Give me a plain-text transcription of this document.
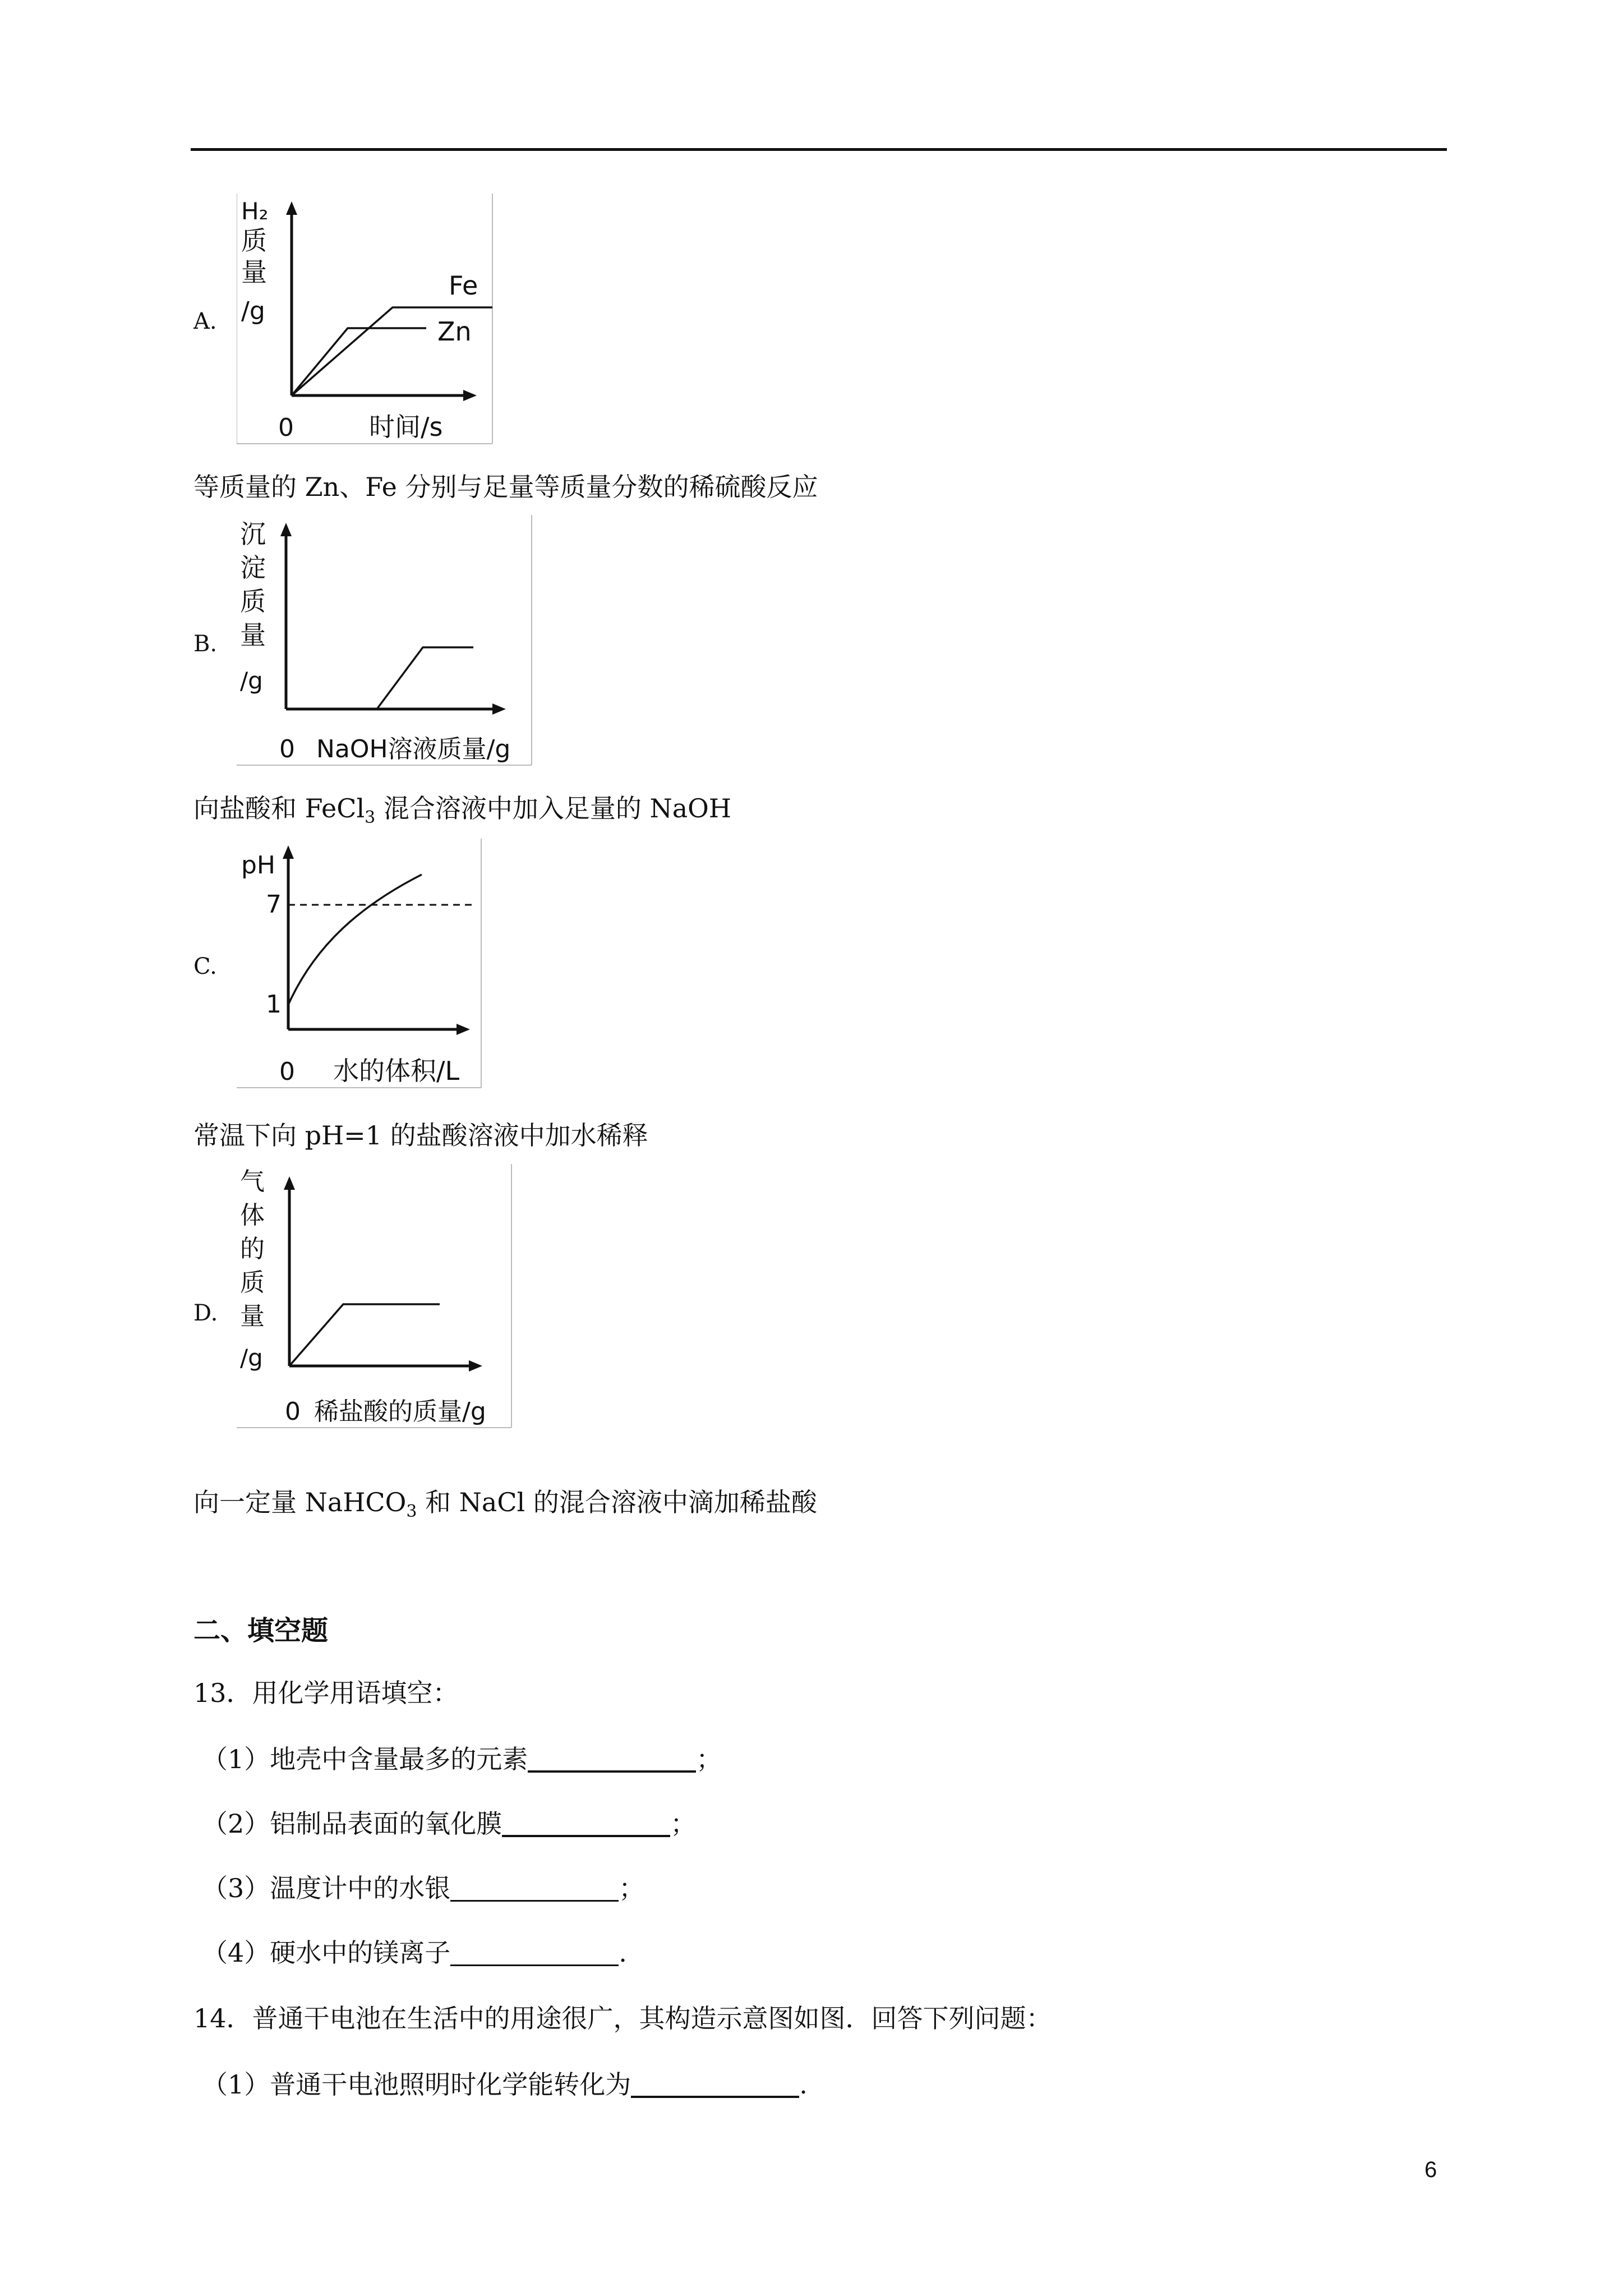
A.
Fe
Zn
H₂
质
量
/g
0	时间/s
等质量的 Zn、Fe 分别与足量等质量分数的稀硫酸反应
B.
沉
淀
质
量
/g
0 NaOH溶液质量/g
向盐酸和 FeCl$_3$ 混合溶液中加入足量的 NaOH
C.
pH
7
1
0 水的体积/L
常温下向 pH=1 的盐酸溶液中加水稀释
D.
气
体
的
质
量
/g
0 稀盐酸的质量/g
向一定量 NaHCO$_3$ 和 NaCl 的混合溶液中滴加稀盐酸
二、填空题
13．用化学用语填空：
（1）地壳中含量最多的元素	；
（2）铝制品表面的氧化膜	；
（3）温度计中的水银	；
（4）硬水中的镁离子	.
14．普通干电池在生活中的用途很广，其构造示意图如图．回答下列问题：
（1）普通干电池照明时化学能转化为	.
6
